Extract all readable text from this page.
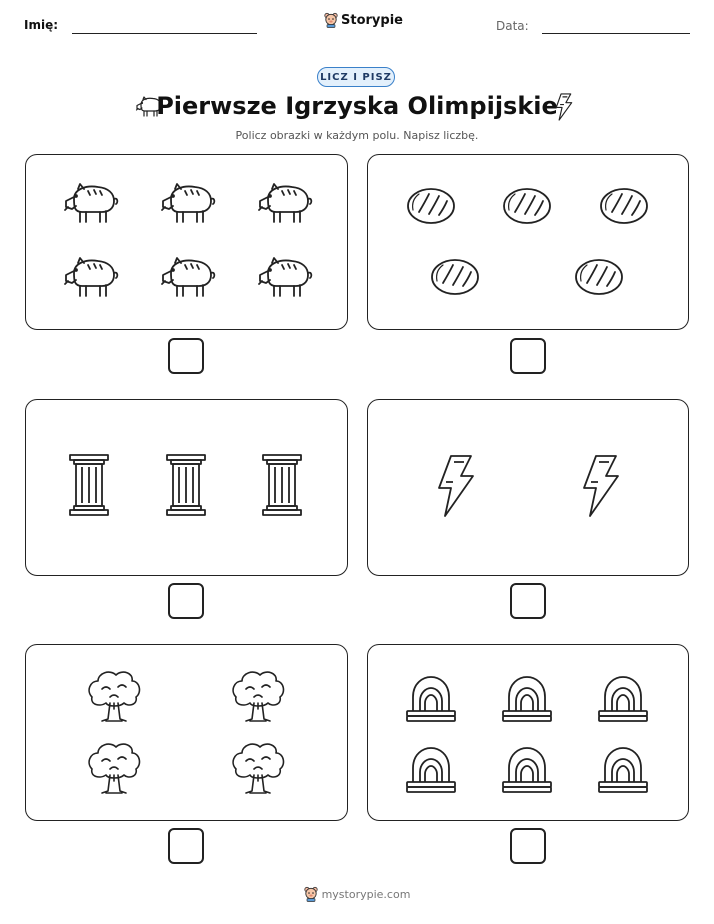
Imię:	Storypie	Data:
LICZ I PISZ
Pierwsze Igrzyska Olimpijskie
Policz obrazki w każdym polu. Napisz liczbę.
mystorypie.com
